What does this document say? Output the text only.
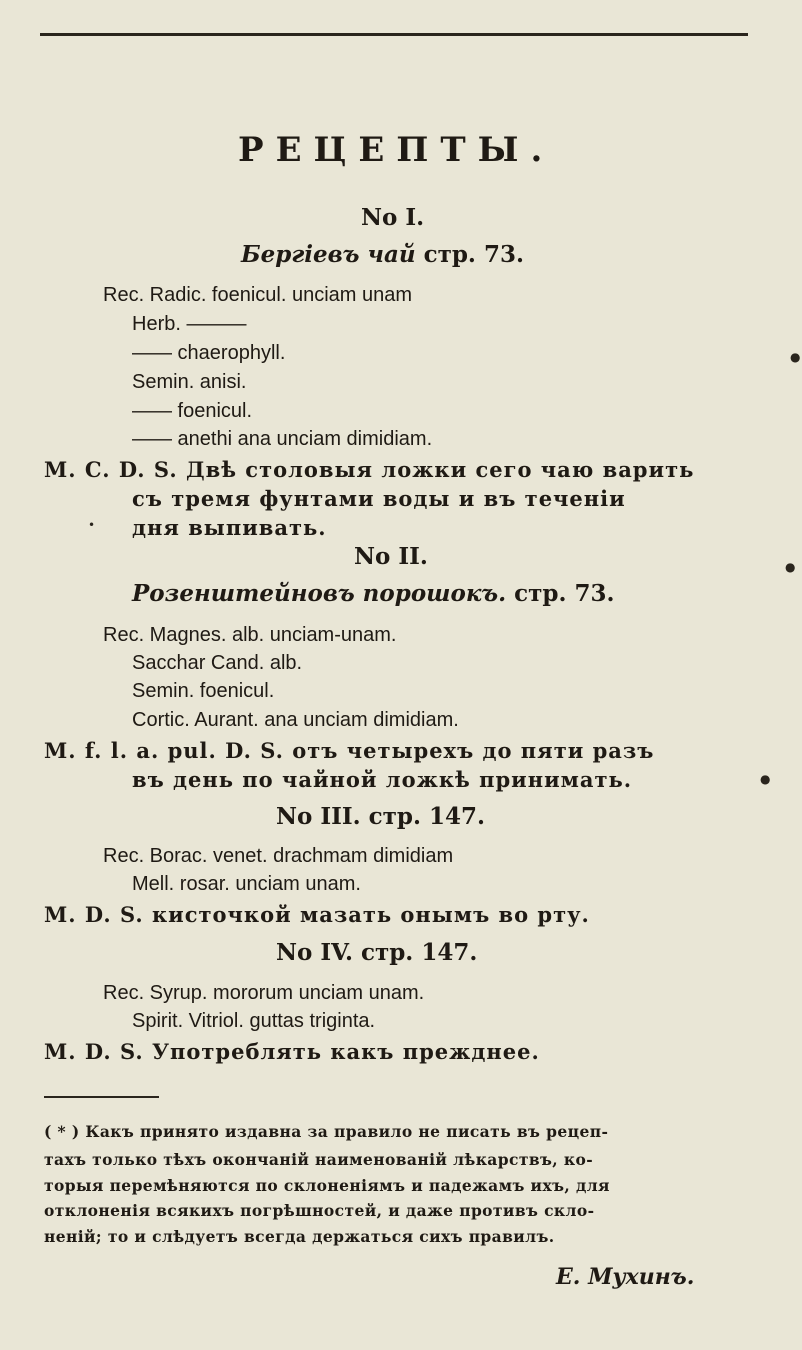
РЕЦЕПТЫ.
No I.
Бергіевъ чай стр. 73.
Rec. Radic. foenicul. unciam unam
Herb. ———
—— chaerophyll.
Semin. anisi.
—— foenicul.
—— anethi ana unciam dimidiam.
M. C. D. S. Двѣ столовыя ложки сего чаю варить
съ тремя фунтами воды и въ теченіи
дня выпивать.
No II.
Розенштейновъ порошокъ. стр. 73.
Rec. Magnes. alb. unciam-unam.
Sacchar Cand. alb.
Semin. foenicul.
Cortic. Aurant. ana unciam dimidiam.
M. f. l. a. pul. D. S. отъ четырехъ до пяти разъ
въ день по чайной ложкѣ принимать.
No III. стр. 147.
Rec. Borac. venet. drachmam dimidiam
Mell. rosar. unciam unam.
M. D. S. кисточкой мазать онымъ во рту.
No IV. стр. 147.
Rec. Syrup. mororum unciam unam.
Spirit. Vitriol. guttas triginta.
M. D. S. Употреблять какъ прежднее.
( * ) Какъ принято издавна за правило не писать въ рецеп-
тахъ только тѣхъ окончаній наименованій лѣкарствъ, ко-
торыя перемѣняются по склоненіямъ и падежамъ ихъ, для
отклоненія всякихъ погрѣшностей, и даже противъ скло-
неній; то и слѣдуетъ всегда держаться сихъ правилъ.
Е. Мухинъ.
●
●
●
•
